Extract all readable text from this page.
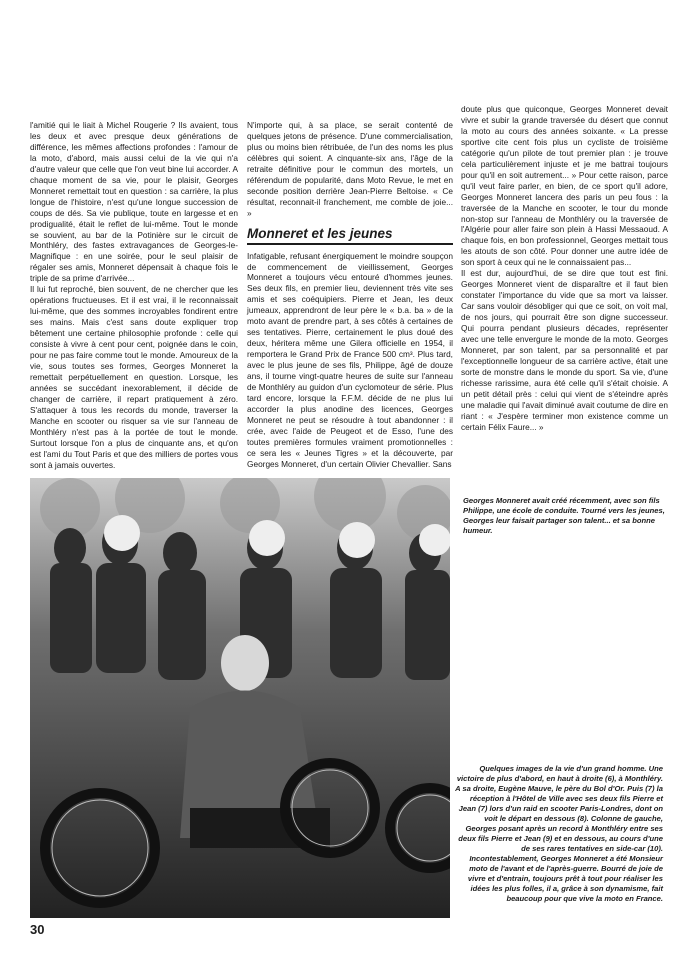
l'amitié qui le liait à Michel Rougerie ? Ils avaient, tous les deux et avec presque deux générations de différence, les mêmes affections profondes : l'amour de la moto, d'abord, mais aussi celui de la vie qui n'a d'autre valeur que celle que l'on veut bine lui accorder. A chaque moment de sa vie, pour le plaisir, Georges Monneret remettait tout en question : sa carrière, la plus longue de l'histoire, n'est qu'une longue succession de coups de dés. Sa vie publique, toute en largesse et en prodigualité, était le reflet de lui-même. Tout le monde se souvient, au bar de la Potinière sur le circuit de Monthléry, des fastes extravagances de Georges-le-Magnifique : en une soirée, pour le seul plaisir de régaler ses amis, Monneret dépensait à chaque fois le triple de sa prime d'arrivée...

Il lui fut reproché, bien souvent, de ne chercher que les opérations fructueuses. Et il est vrai, il le reconnaissait lui-même, que des sommes incroyables fondirent entre ses mains. Mais c'est sans doute expliquer trop bêtement une certaine philosophie profonde : celle qui consiste à vivre à cent pour cent, poignée dans le coin, pour ne pas faire comme tout le monde. Amoureux de la vie, sous toutes ses formes, Georges Monneret la remettait perpétuellement en question. Lorsque, les années se succédant inexorablement, il décide de changer de carrière, il repart pratiquement à zéro. S'attaquer à tous les records du monde, traverser la Manche en scooter ou risquer sa vie sur l'anneau de Monthléry n'est pas à la portée de tout le monde. Surtout lorsque l'on a plus de cinquante ans, et qu'on est l'ami du Tout Paris et que des milliers de portes vous sont à jamais ouvertes.

N'importe qui, à sa place, se serait contenté de quelques jetons de présence. D'une commercialisation, plus ou moins bien rétribuée, de l'un des noms les plus célèbres qui soient. A cinquante-six ans, l'âge de la retraite définitive pour le commun des mortels, un référendum de popularité, dans Moto Revue, le met en seconde position derrière Jean-Pierre Beltoise. « Ce résultat, reconnait-il franchement, me comble de joie... »

Monneret et les jeunes

Infatigable, refusant énergiquement le moindre soupçon de commencement de vieillissement, Georges Monneret a toujours vécu entouré d'hommes jeunes. Ses deux fils, en premier lieu, deviennent très vite ses amis et ses coéquipiers. Pierre et Jean, les deux jumeaux, apprendront de leur père le « b.a. ba » de la moto avant de prendre part, à ses côtés à certaines de ses tentatives. Pierre, certainement le plus doué des deux, héritera même une Gilera officielle en 1954, il remportera le Grand Prix de France 500 cm³. Plus tard, avec le plus jeune de ses fils, Philippe, âgé de douze ans, il tourne vingt-quatre heures de suite sur l'anneau de Monthléry au guidon d'un cyclomoteur de série. Plus tard encore, lorsque la F.F.M. décide de ne plus lui accorder la plus anodine des licences, Georges Monneret ne peut se résoudre à tout abandonner : il crée, avec l'aide de Peugeot et de Esso, l'une des toutes premières formules vraiment promotionnelles : ce sera les « Jeunes Tigres » et la découverte, par Georges Monneret, d'un certain Olivier Chevallier. Sans

doute plus que quiconque, Georges Monneret devait vivre et subir la grande traversée du désert que connut la moto au cours des années soixante. « La presse sportive cite cent fois plus un cycliste de troisième catégorie qu'un pilote de tout premier plan : je trouve cela particulièrement injuste et je me battrai toujours pour qu'il en soit autrement... » Pour cette raison, parce qu'il veut faire parler, en bien, de ce sport qu'il adore, Georges Monneret lancera des paris un peu fous : la traversée de la Manche en scooter, le tour du monde non-stop sur l'anneau de Monthléry ou la traversée de l'Algérie pour aller faire son plein à Hassi Messaoud. A chaque fois, en bon professionnel, Georges mettait tous les atouts de son côté. Pour donner une autre idée de son sport à ceux qui ne le connaissaient pas...

Il est dur, aujourd'hui, de se dire que tout est fini. Georges Monneret vient de disparaître et il faut bien constater l'importance du vide que sa mort va laisser. Car sans vouloir désobliger qui que ce soit, on voit mal, de nos jours, qui pourrait être son digne successeur. Qui pourra pendant plusieurs décades, représenter avec une telle envergure le monde de la moto. Georges Monneret, par son talent, par sa personnalité et par l'exceptionnelle longueur de sa carrière active, était une sorte de monstre dans le monde du sport. Sa vie, d'une richesse rarissime, aura été celle qu'il s'était choisie. A un petit détail près : celui qui vient de s'éteindre après une maladie qui l'avait diminué avait coutume de dire en riant : « J'espère terminer mon existence comme un certain Félix Faure... »

Georges Monneret avait créé récemment, avec son fils Philippe, une école de conduite. Tourné vers les jeunes, Georges leur faisait partager son talent... et sa bonne humeur.
Quelques images de la vie d'un grand homme. Une victoire de plus d'abord, en haut à droite (6), à Monthléry. A sa droite, Eugène Mauve, le père du Bol d'Or. Puis (7) la réception à l'Hôtel de Ville avec ses deux fils Pierre et Jean (7) lors d'un raid en scooter Paris-Londres, dont on voit le départ en dessous (8). Colonne de gauche, Georges posant après un record à Monthléry entre ses deux fils Pierre et Jean (9) et en dessous, au cours d'une de ses rares tentatives en side-car (10). Incontestablement, Georges Monneret a été Monsieur moto de l'avant et de l'après-guerre. Bourré de joie de vivre et d'entrain, toujours prêt à tout pour réaliser les idées les plus folles, il a, grâce à son dynamisme, fait beaucoup pour que vive la moto en France.
30
